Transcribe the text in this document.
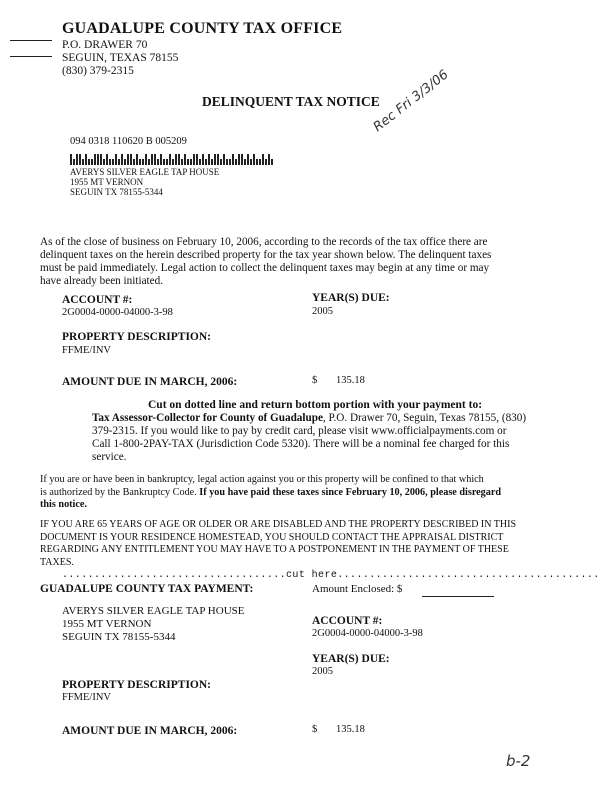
GUADALUPE COUNTY TAX OFFICE
P.O. DRAWER 70
SEGUIN, TEXAS 78155
(830) 379-2315
DELINQUENT TAX NOTICE
Rec Fri 3/3/06
094 0318 110620 B 005209
AVERYS SILVER EAGLE TAP HOUSE
1955 MT VERNON
SEGUIN TX 78155-5344
As of the close of business on February 10, 2006, according to the records of the tax office there are
delinquent taxes on the herein described property for the tax year shown below. The delinquent taxes
must be paid immediately. Legal action to collect the delinquent taxes may begin at any time or may
have already been initiated.
ACCOUNT #:
2G0004-0000-04000-3-98
YEAR(S) DUE:
2005
PROPERTY DESCRIPTION:
FFME/INV
AMOUNT DUE IN MARCH, 2006:	$ 135.18
Cut on dotted line and return bottom portion with your payment to:
Tax Assessor-Collector for County of Guadalupe, P.O. Drawer 70, Seguin, Texas 78155, (830)
379-2315. If you would like to pay by credit card, please visit www.officialpayments.com or
Call 1-800-2PAY-TAX (Jurisdiction Code 5320). There will be a nominal fee charged for this
service.
If you are or have been in bankruptcy, legal action against you or this property will be confined to that which
is authorized by the Bankruptcy Code. If you have paid these taxes since February 10, 2006, please disregard
this notice.
IF YOU ARE 65 YEARS OF AGE OR OLDER OR ARE DISABLED AND THE PROPERTY DESCRIBED IN THIS
DOCUMENT IS YOUR RESIDENCE HOMESTEAD, YOU SHOULD CONTACT THE APPRAISAL DISTRICT
REGARDING ANY ENTITLEMENT YOU MAY HAVE TO A POSTPONEMENT IN THE PAYMENT OF THESE
TAXES.
...................................cut here.........................................
GUADALUPE COUNTY TAX PAYMENT:	Amount Enclosed: $
AVERYS SILVER EAGLE TAP HOUSE
1955 MT VERNON
SEGUIN TX 78155-5344
ACCOUNT #:
2G0004-0000-04000-3-98
YEAR(S) DUE:
2005
PROPERTY DESCRIPTION:
FFME/INV
AMOUNT DUE IN MARCH, 2006:	$ 135.18
b-2
